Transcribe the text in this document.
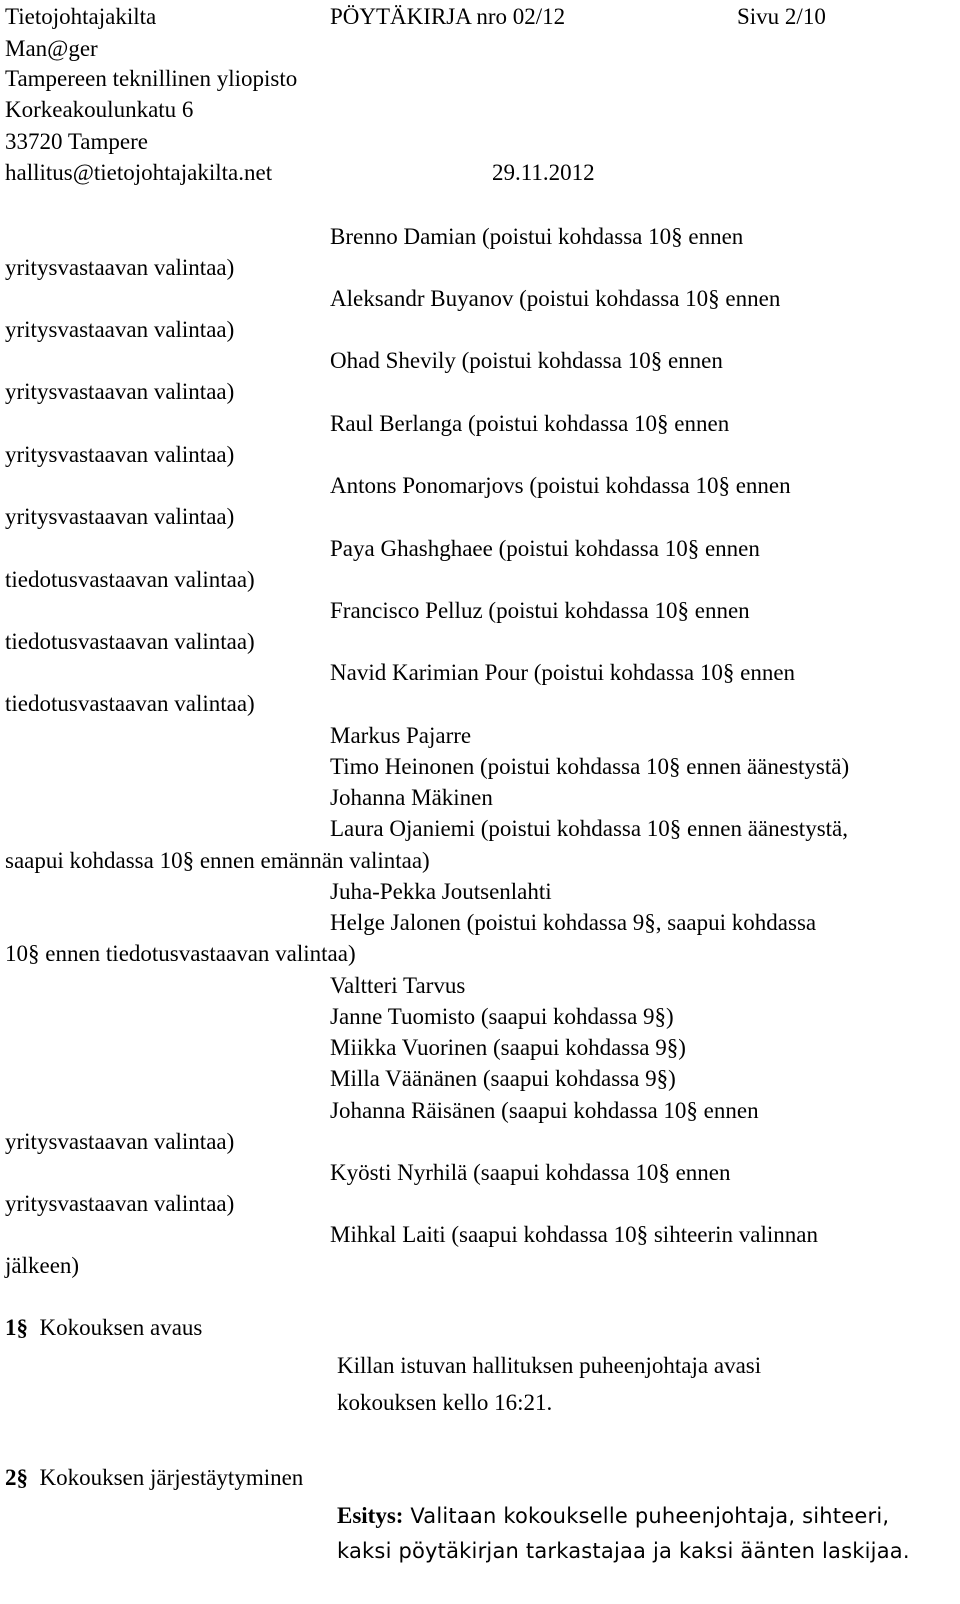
Tietojohtajakilta	PÖYTÄKIRJA nro 02/12	Sivu 2/10
Man@ger
Tampereen teknillinen yliopisto
Korkeakoulunkatu 6
33720 Tampere
hallitus@tietojohtajakilta.net	29.11.2012
Brenno Damian (poistui kohdassa 10§ ennen
yritysvastaavan valintaa)
Aleksandr Buyanov (poistui kohdassa 10§ ennen
yritysvastaavan valintaa)
Ohad Shevily (poistui kohdassa 10§ ennen
yritysvastaavan valintaa)
Raul Berlanga (poistui kohdassa 10§ ennen
yritysvastaavan valintaa)
Antons Ponomarjovs (poistui kohdassa 10§ ennen
yritysvastaavan valintaa)
Paya Ghashghaee (poistui kohdassa 10§ ennen
tiedotusvastaavan valintaa)
Francisco Pelluz (poistui kohdassa 10§ ennen
tiedotusvastaavan valintaa)
Navid Karimian Pour (poistui kohdassa 10§ ennen
tiedotusvastaavan valintaa)
Markus Pajarre
Timo Heinonen (poistui kohdassa 10§ ennen äänestystä)
Johanna Mäkinen
Laura Ojaniemi (poistui kohdassa 10§ ennen äänestystä,
saapui kohdassa 10§ ennen emännän valintaa)
Juha-Pekka Joutsenlahti
Helge Jalonen (poistui kohdassa 9§, saapui kohdassa
10§ ennen tiedotusvastaavan valintaa)
Valtteri Tarvus
Janne Tuomisto (saapui kohdassa 9§)
Miikka Vuorinen (saapui kohdassa 9§)
Milla Väänänen (saapui kohdassa 9§)
Johanna Räisänen (saapui kohdassa 10§ ennen
yritysvastaavan valintaa)
Kyösti Nyrhilä (saapui kohdassa 10§ ennen
yritysvastaavan valintaa)
Mihkal Laiti (saapui kohdassa 10§ sihteerin valinnan
jälkeen)
1§ Kokouksen avaus
Killan istuvan hallituksen puheenjohtaja avasi
kokouksen kello 16:21.
2§ Kokouksen järjestäytyminen
Esitys: Valitaan kokoukselle puheenjohtaja, sihteeri,
kaksi pöytäkirjan tarkastajaa ja kaksi äänten laskijaa.
